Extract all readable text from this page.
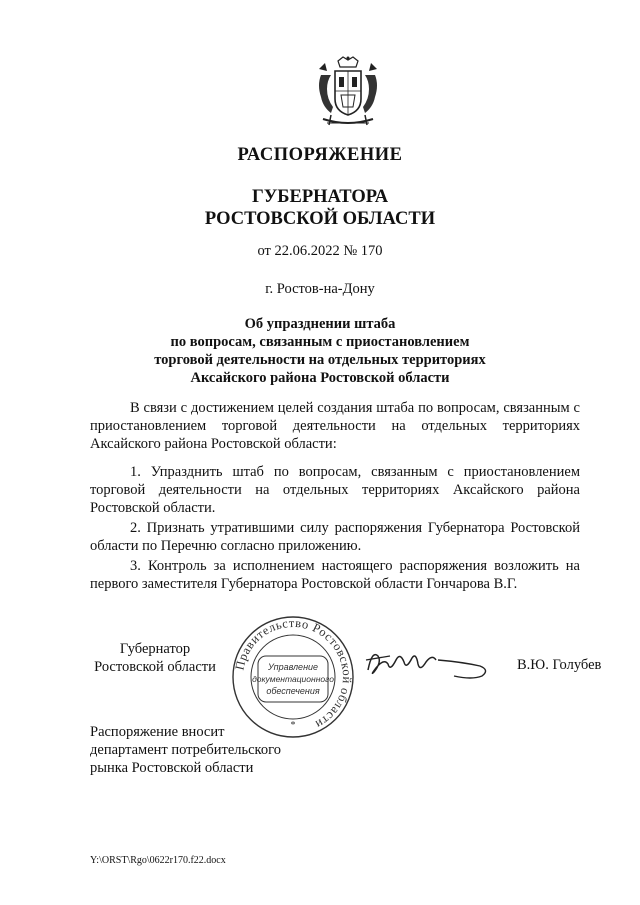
РАСПОРЯЖЕНИЕ
ГУБЕРНАТОРА
РОСТОВСКОЙ ОБЛАСТИ
от 22.06.2022 № 170
г. Ростов-на-Дону
Об упразднении штаба
по вопросам, связанным с приостановлением
торговой деятельности на отдельных территориях
Аксайского района Ростовской области

В связи с достижением целей создания штаба по вопросам, связанным с приостановлением торговой деятельности на отдельных территориях Аксайского района Ростовской области:

1. Упразднить штаб по вопросам, связанным с приостановлением торговой деятельности на отдельных территориях Аксайского района Ростовской области.

2. Признать утратившими силу распоряжения Губернатора Ростовской области по Перечню согласно приложению.

3. Контроль за исполнением настоящего распоряжения возложить на первого заместителя Губернатора Ростовской области Гончарова В.Г.

Губернатор
Ростовской области	Правительство Ростовской области
Управление
документационного
обеспечения
*
В.Ю. Голубев
Распоряжение вносит
департамент потребительского
рынка Ростовской области
Y:\ORST\Rgo\0622r170.f22.docx
